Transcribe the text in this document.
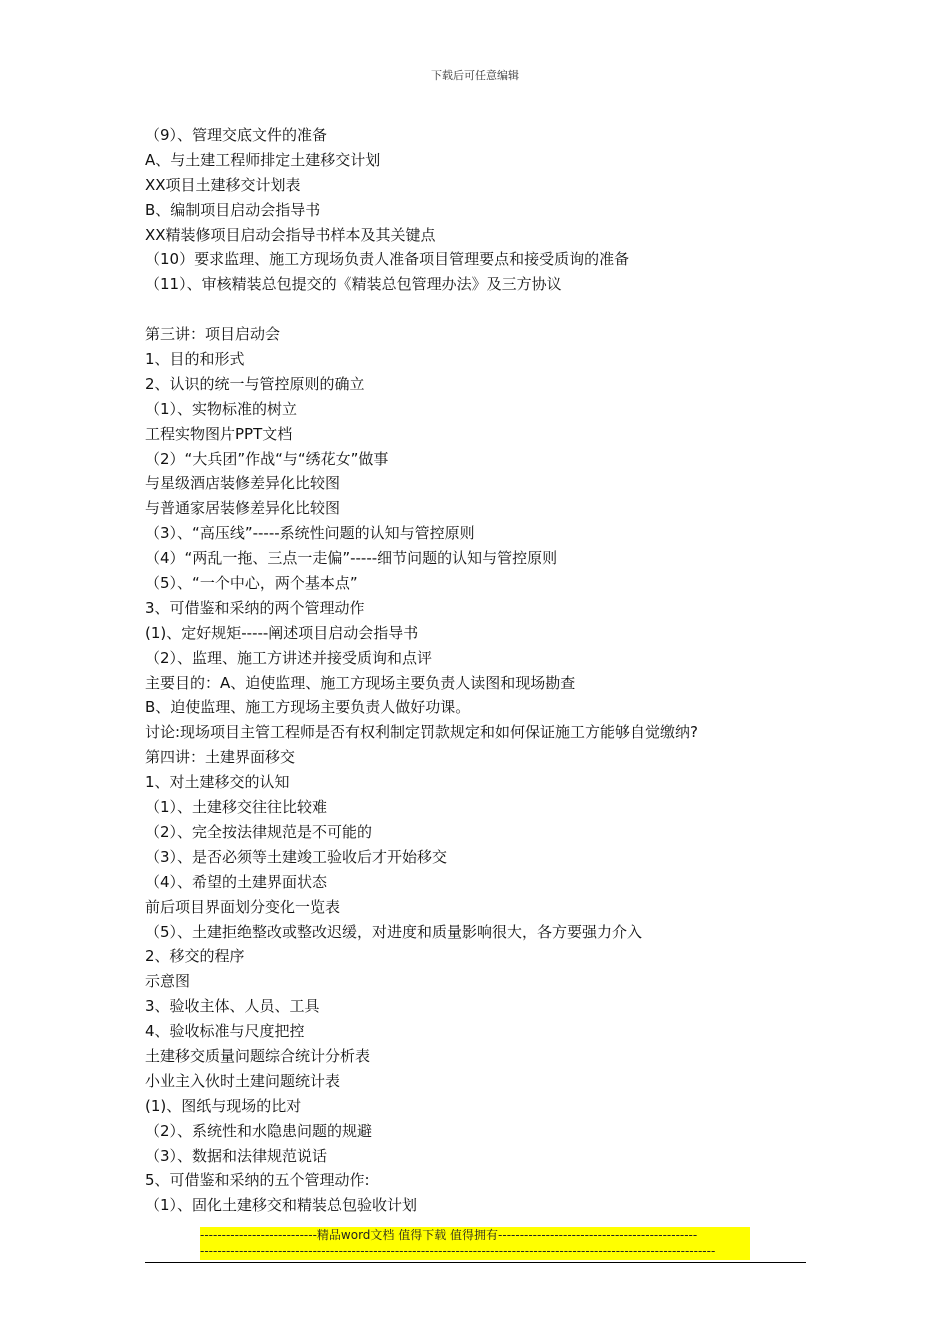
下载后可任意编辑
（9）、管理交底文件的准备
A、与土建工程师排定土建移交计划
XX项目土建移交计划表
B、编制项目启动会指导书
XX精装修项目启动会指导书样本及其关键点
（10）要求监理、施工方现场负责人准备项目管理要点和接受质询的准备
（11）、审核精装总包提交的《精装总包管理办法》及三方协议
第三讲：项目启动会
1、目的和形式
2、认识的统一与管控原则的确立
（1）、实物标准的树立
工程实物图片PPT文档
（2）“大兵团”作战“与“绣花女”做事
与星级酒店装修差异化比较图
与普通家居装修差异化比较图
（3）、“高压线”-----系统性问题的认知与管控原则
（4）“两乱一拖、三点一走偏”-----细节问题的认知与管控原则
（5）、“一个中心，两个基本点”
3、可借鉴和采纳的两个管理动作
(1)、定好规矩-----阐述项目启动会指导书
（2）、监理、施工方讲述并接受质询和点评
主要目的：A、迫使监理、施工方现场主要负责人读图和现场勘查
B、迫使监理、施工方现场主要负责人做好功课。
讨论:现场项目主管工程师是否有权利制定罚款规定和如何保证施工方能够自觉缴纳?
第四讲：土建界面移交
1、对土建移交的认知
（1）、土建移交往往比较难
（2）、完全按法律规范是不可能的
（3）、是否必须等土建竣工验收后才开始移交
（4）、希望的土建界面状态
前后项目界面划分变化一览表
（5）、土建拒绝整改或整改迟缓，对进度和质量影响很大，各方要强力介入
2、移交的程序
示意图
3、验收主体、人员、工具
4、验收标准与尺度把控
土建移交质量问题综合统计分析表
小业主入伙时土建问题统计表
(1)、图纸与现场的比对
（2）、系统性和水隐患问题的规避
（3）、数据和法律规范说话
5、可借鉴和采纳的五个管理动作:
（1）、固化土建移交和精装总包验收计划
---------------------------精品word文档 值得下载 值得拥有----------------------------------------------
-----------------------------------------------------------------------------------------------------------------------
